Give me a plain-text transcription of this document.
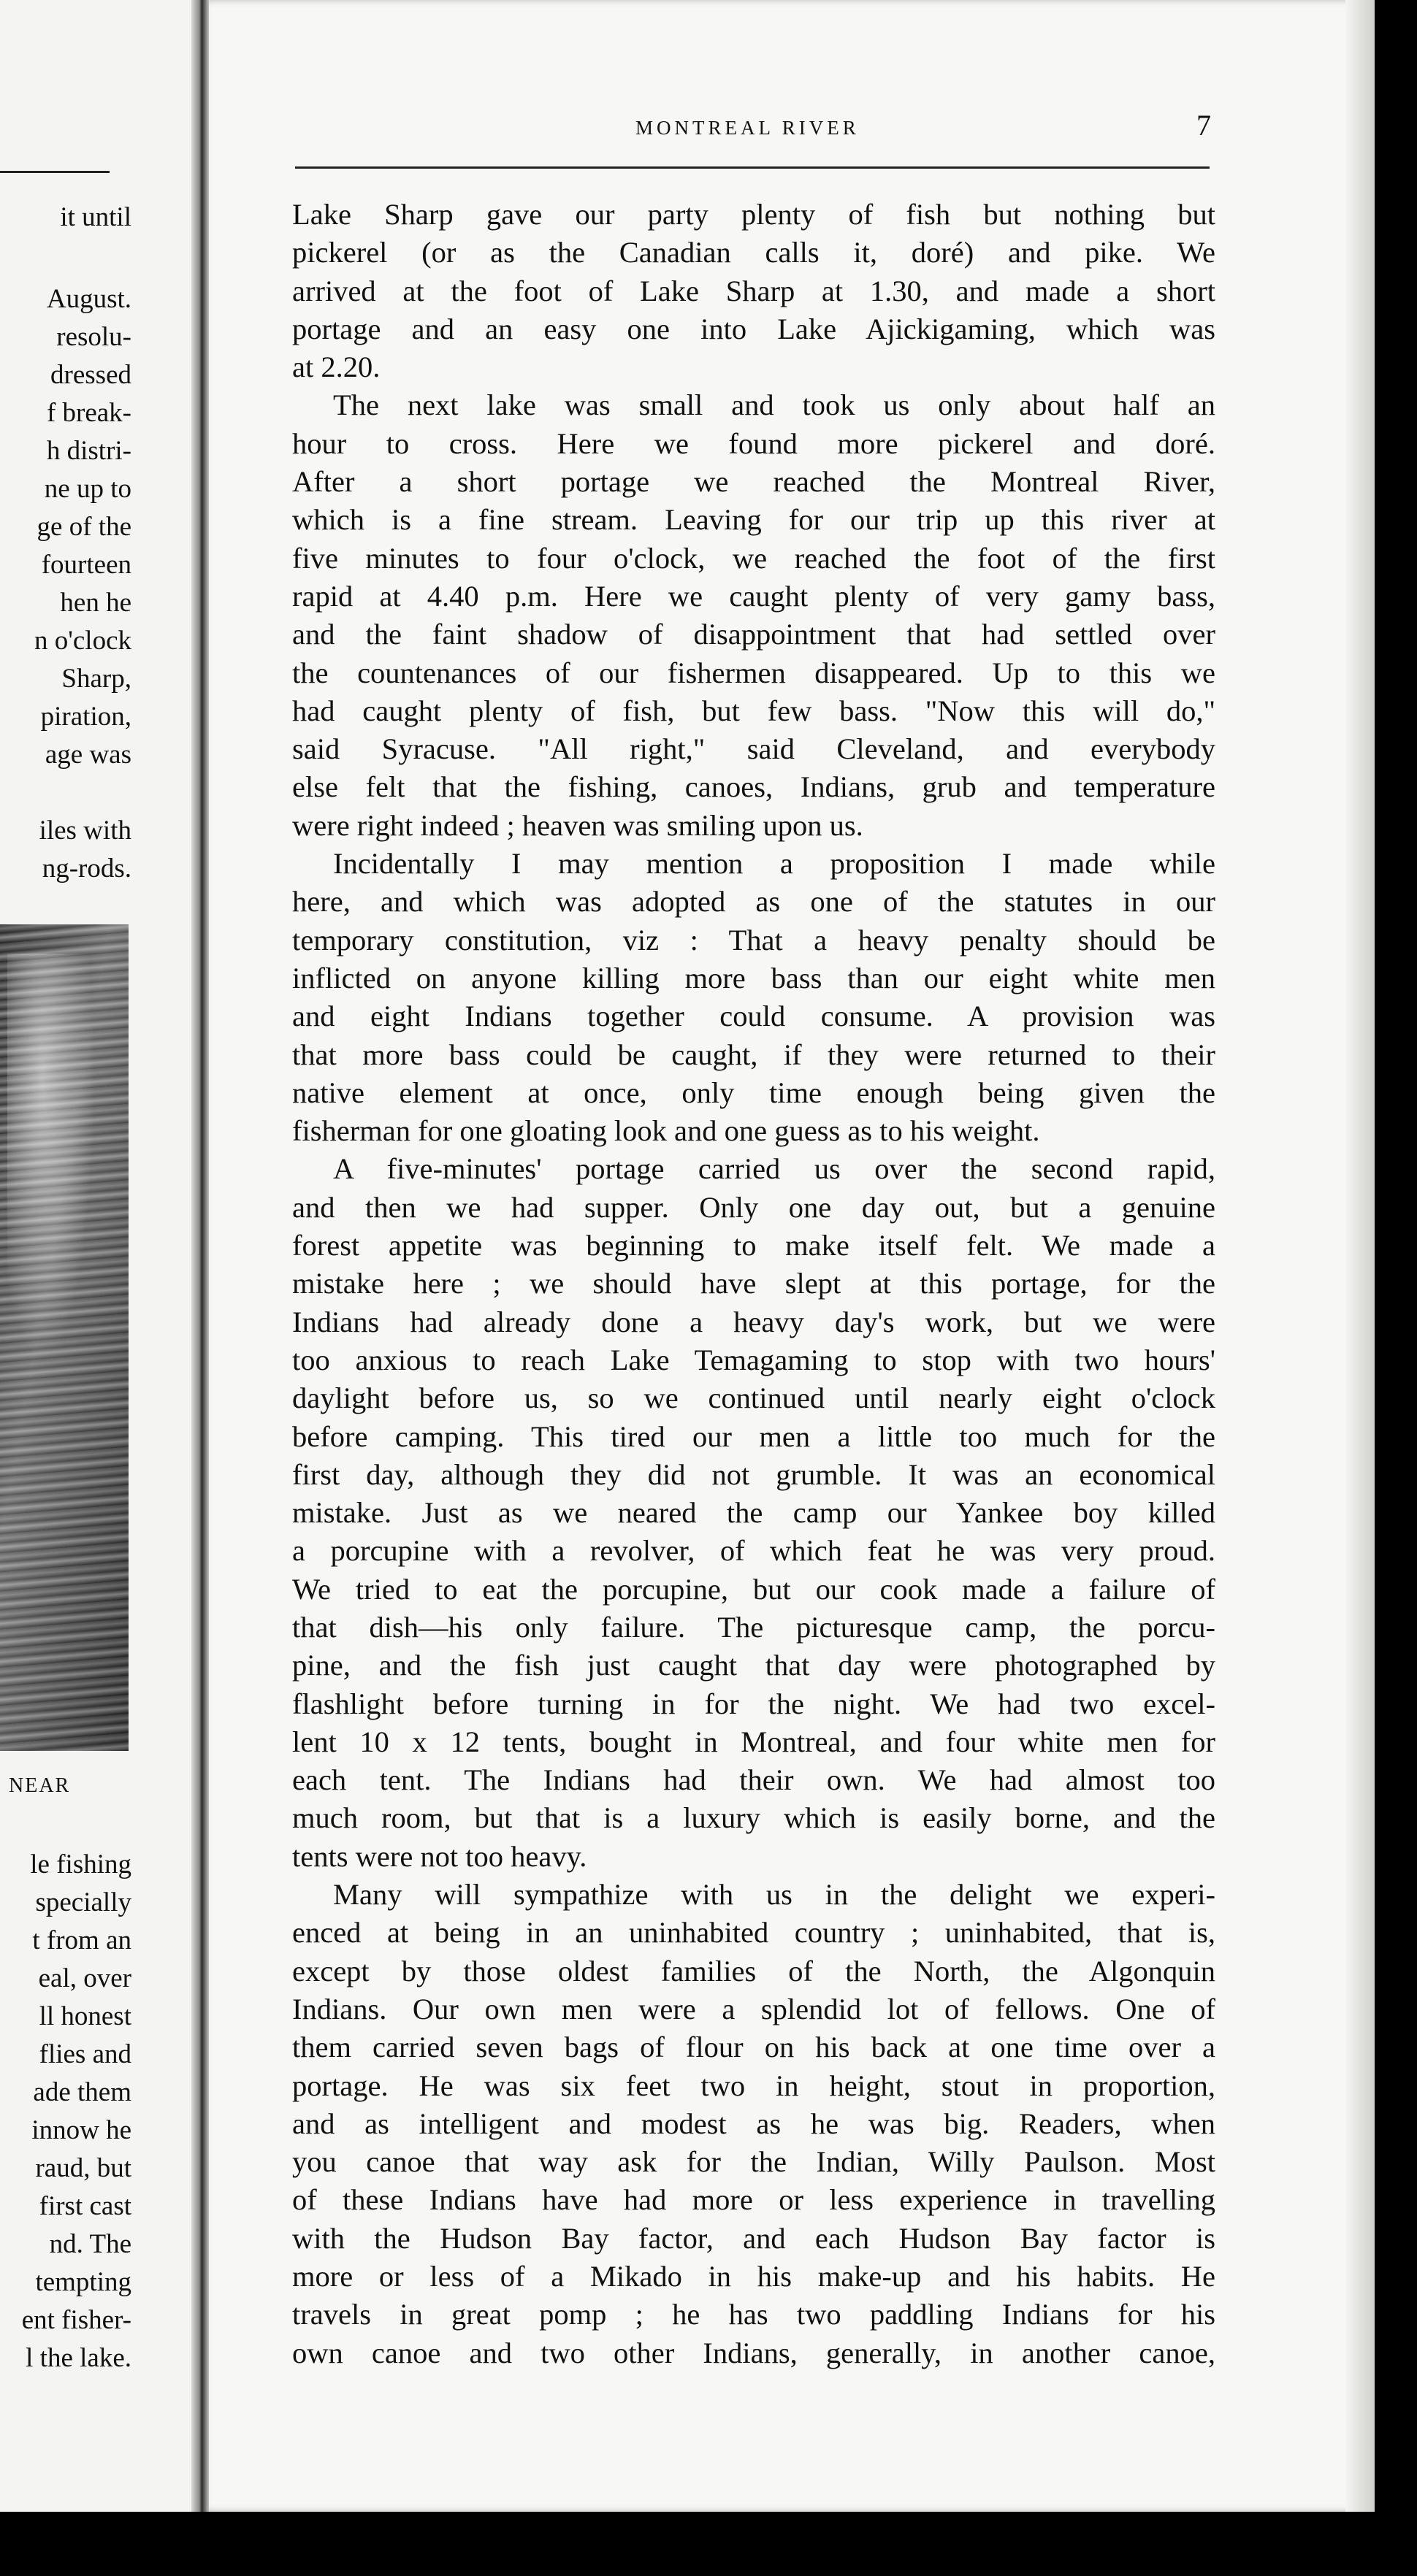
it until
August.
resolu-
dressed
f break-
h distri-
ne up to
ge of the
fourteen
hen he
n o'clock
Sharp,
piration,
age was
iles with
ng-rods.
le fishing
specially
t from an
eal, over
ll honest
flies and
ade them
innow he
raud, but
first cast
nd. The
tempting
ent fisher-
l the lake.
NEAR
MONTREAL RIVER	7
Lake Sharp gave our party plenty of fish but nothing but
pickerel (or as the Canadian calls it, doré) and pike. We
arrived at the foot of Lake Sharp at 1.30, and made a short
portage and an easy one into Lake Ajickigaming, which was
at 2.20.
The next lake was small and took us only about half an
hour to cross. Here we found more pickerel and doré.
After a short portage we reached the Montreal River,
which is a fine stream. Leaving for our trip up this river at
five minutes to four o'clock, we reached the foot of the first
rapid at 4.40 p.m. Here we caught plenty of very gamy bass,
and the faint shadow of disappointment that had settled over
the countenances of our fishermen disappeared. Up to this we
had caught plenty of fish, but few bass. "Now this will do,"
said Syracuse. "All right," said Cleveland, and everybody
else felt that the fishing, canoes, Indians, grub and temperature
were right indeed ; heaven was smiling upon us.
Incidentally I may mention a proposition I made while
here, and which was adopted as one of the statutes in our
temporary constitution, viz : That a heavy penalty should be
inflicted on anyone killing more bass than our eight white men
and eight Indians together could consume. A provision was
that more bass could be caught, if they were returned to their
native element at once, only time enough being given the
fisherman for one gloating look and one guess as to his weight.
A five-minutes' portage carried us over the second rapid,
and then we had supper. Only one day out, but a genuine
forest appetite was beginning to make itself felt. We made a
mistake here ; we should have slept at this portage, for the
Indians had already done a heavy day's work, but we were
too anxious to reach Lake Temagaming to stop with two hours'
daylight before us, so we continued until nearly eight o'clock
before camping. This tired our men a little too much for the
first day, although they did not grumble. It was an economical
mistake. Just as we neared the camp our Yankee boy killed
a porcupine with a revolver, of which feat he was very proud.
We tried to eat the porcupine, but our cook made a failure of
that dish—his only failure. The picturesque camp, the porcu-
pine, and the fish just caught that day were photographed by
flashlight before turning in for the night. We had two excel-
lent 10 x 12 tents, bought in Montreal, and four white men for
each tent. The Indians had their own. We had almost too
much room, but that is a luxury which is easily borne, and the
tents were not too heavy.
Many will sympathize with us in the delight we experi-
enced at being in an uninhabited country ; uninhabited, that is,
except by those oldest families of the North, the Algonquin
Indians. Our own men were a splendid lot of fellows. One of
them carried seven bags of flour on his back at one time over a
portage. He was six feet two in height, stout in proportion,
and as intelligent and modest as he was big. Readers, when
you canoe that way ask for the Indian, Willy Paulson. Most
of these Indians have had more or less experience in travelling
with the Hudson Bay factor, and each Hudson Bay factor is
more or less of a Mikado in his make-up and his habits. He
travels in great pomp ; he has two paddling Indians for his
own canoe and two other Indians, generally, in another canoe,
